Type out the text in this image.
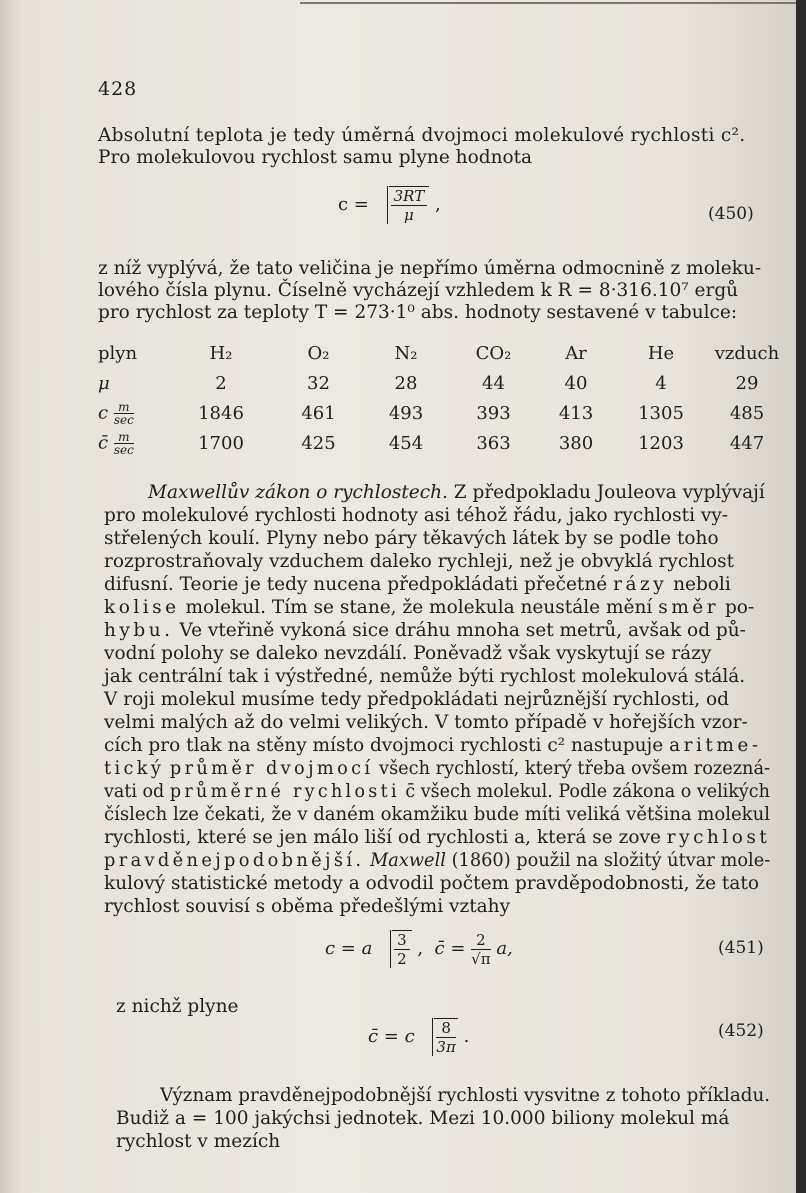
428
Absolutní teplota je tedy úměrná dvojmoci molekulové rychlosti c².
Pro molekulovou rychlost samu plyne hodnota
$c = \frac{3RT}{\mu}$ ,	(450)
z níž vyplývá, že tato veličina je nepřímo úměrna odmocnině z moleku-
lového čísla plynu. Číselně vycházejí vzhledem k R = 8·316.10⁷ ergů
pro rychlost za teploty T = 273·1⁰ abs. hodnoty sestavené v tabulce:
plyn	H₂	O₂	N₂	CO₂	Ar	He	vzduch
μ	2	32	28	44	40	4	29
c m
sec	1846	461	493	393	413	1305	485
c̄ m
sec	1700	425	454	363	380	1203	447
Maxwellův zákon o rychlostech. Z předpokladu Jouleova vyplývají
pro molekulové rychlosti hodnoty asi téhož řádu, jako rychlosti vy-
střelených koulí. Plyny nebo páry těkavých látek by se podle toho
rozprostraňovaly vzduchem daleko rychleji, než je obvyklá rychlost
difusní. Teorie je tedy nucena předpokládati přečetné rázy neboli
kolise molekul. Tím se stane, že molekula neustále mění směr po-
hybu. Ve vteřině vykoná sice dráhu mnoha set metrů, avšak od pů-
vodní polohy se daleko nevzdálí. Poněvadž však vyskytují se rázy
jak centrální tak i výstředné, nemůže býti rychlost molekulová stálá.
V roji molekul musíme tedy předpokládati nejrůznější rychlosti, od
velmi malých až do velmi velikých. V tomto případě v hořejších vzor-
cích pro tlak na stěny místo dvojmoci rychlosti c² nastupuje aritme-
tický průměr dvojmocí všech rychlostí, který třeba ovšem rozezná-
vati od průměrné rychlosti c̄ všech molekul. Podle zákona o velikých
číslech lze čekati, že v daném okamžiku bude míti veliká většina molekul
rychlosti, které se jen málo liší od rychlosti a, která se zove rychlost
pravděnejpodobnější. Maxwell (1860) použil na složitý útvar mole-
kulový statistické metody a odvodil počtem pravděpodobnosti, že tato
rychlost souvisí s oběma předešlými vztahy
c = a $\frac{3}{2}$ , c̄ = $\frac{2}{√\pi} a$,	(451)
z nichž plyne
c̄ = c $\frac{8}{3\pi}$ .	(452)
Význam pravděnejpodobnější rychlosti vysvitne z tohoto příkladu.
Budiž a = 100 jakýchsi jednotek. Mezi 10.000 biliony molekul má
rychlost v mezích
